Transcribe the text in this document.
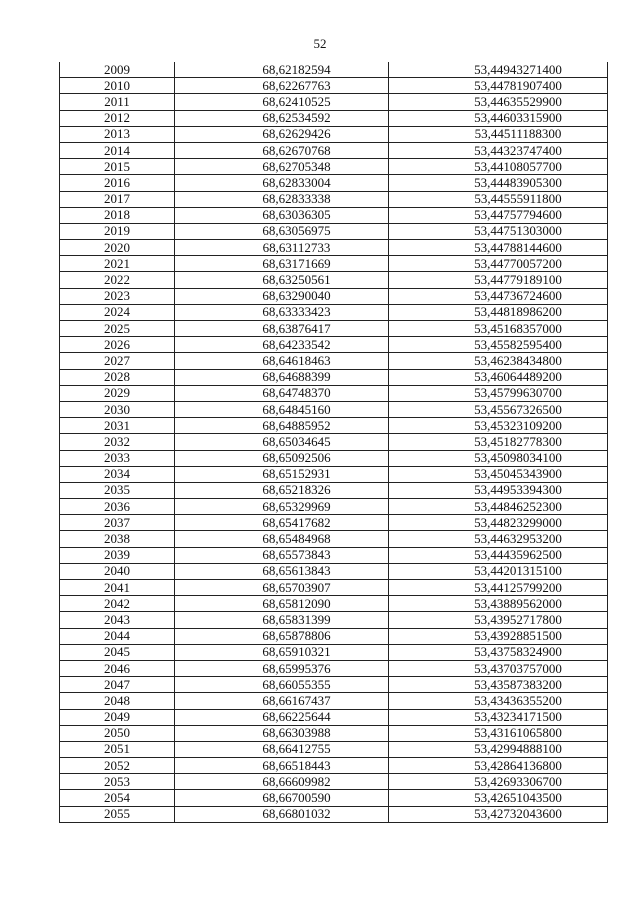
52
2009	68,62182594	53,44943271400
2010	68,62267763	53,44781907400
2011	68,62410525	53,44635529900
2012	68,62534592	53,44603315900
2013	68,62629426	53,44511188300
2014	68,62670768	53,44323747400
2015	68,62705348	53,44108057700
2016	68,62833004	53,44483905300
2017	68,62833338	53,44555911800
2018	68,63036305	53,44757794600
2019	68,63056975	53,44751303000
2020	68,63112733	53,44788144600
2021	68,63171669	53,44770057200
2022	68,63250561	53,44779189100
2023	68,63290040	53,44736724600
2024	68,63333423	53,44818986200
2025	68,63876417	53,45168357000
2026	68,64233542	53,45582595400
2027	68,64618463	53,46238434800
2028	68,64688399	53,46064489200
2029	68,64748370	53,45799630700
2030	68,64845160	53,45567326500
2031	68,64885952	53,45323109200
2032	68,65034645	53,45182778300
2033	68,65092506	53,45098034100
2034	68,65152931	53,45045343900
2035	68,65218326	53,44953394300
2036	68,65329969	53,44846252300
2037	68,65417682	53,44823299000
2038	68,65484968	53,44632953200
2039	68,65573843	53,44435962500
2040	68,65613843	53,44201315100
2041	68,65703907	53,44125799200
2042	68,65812090	53,43889562000
2043	68,65831399	53,43952717800
2044	68,65878806	53,43928851500
2045	68,65910321	53,43758324900
2046	68,65995376	53,43703757000
2047	68,66055355	53,43587383200
2048	68,66167437	53,43436355200
2049	68,66225644	53,43234171500
2050	68,66303988	53,43161065800
2051	68,66412755	53,42994888100
2052	68,66518443	53,42864136800
2053	68,66609982	53,42693306700
2054	68,66700590	53,42651043500
2055	68,66801032	53,42732043600
